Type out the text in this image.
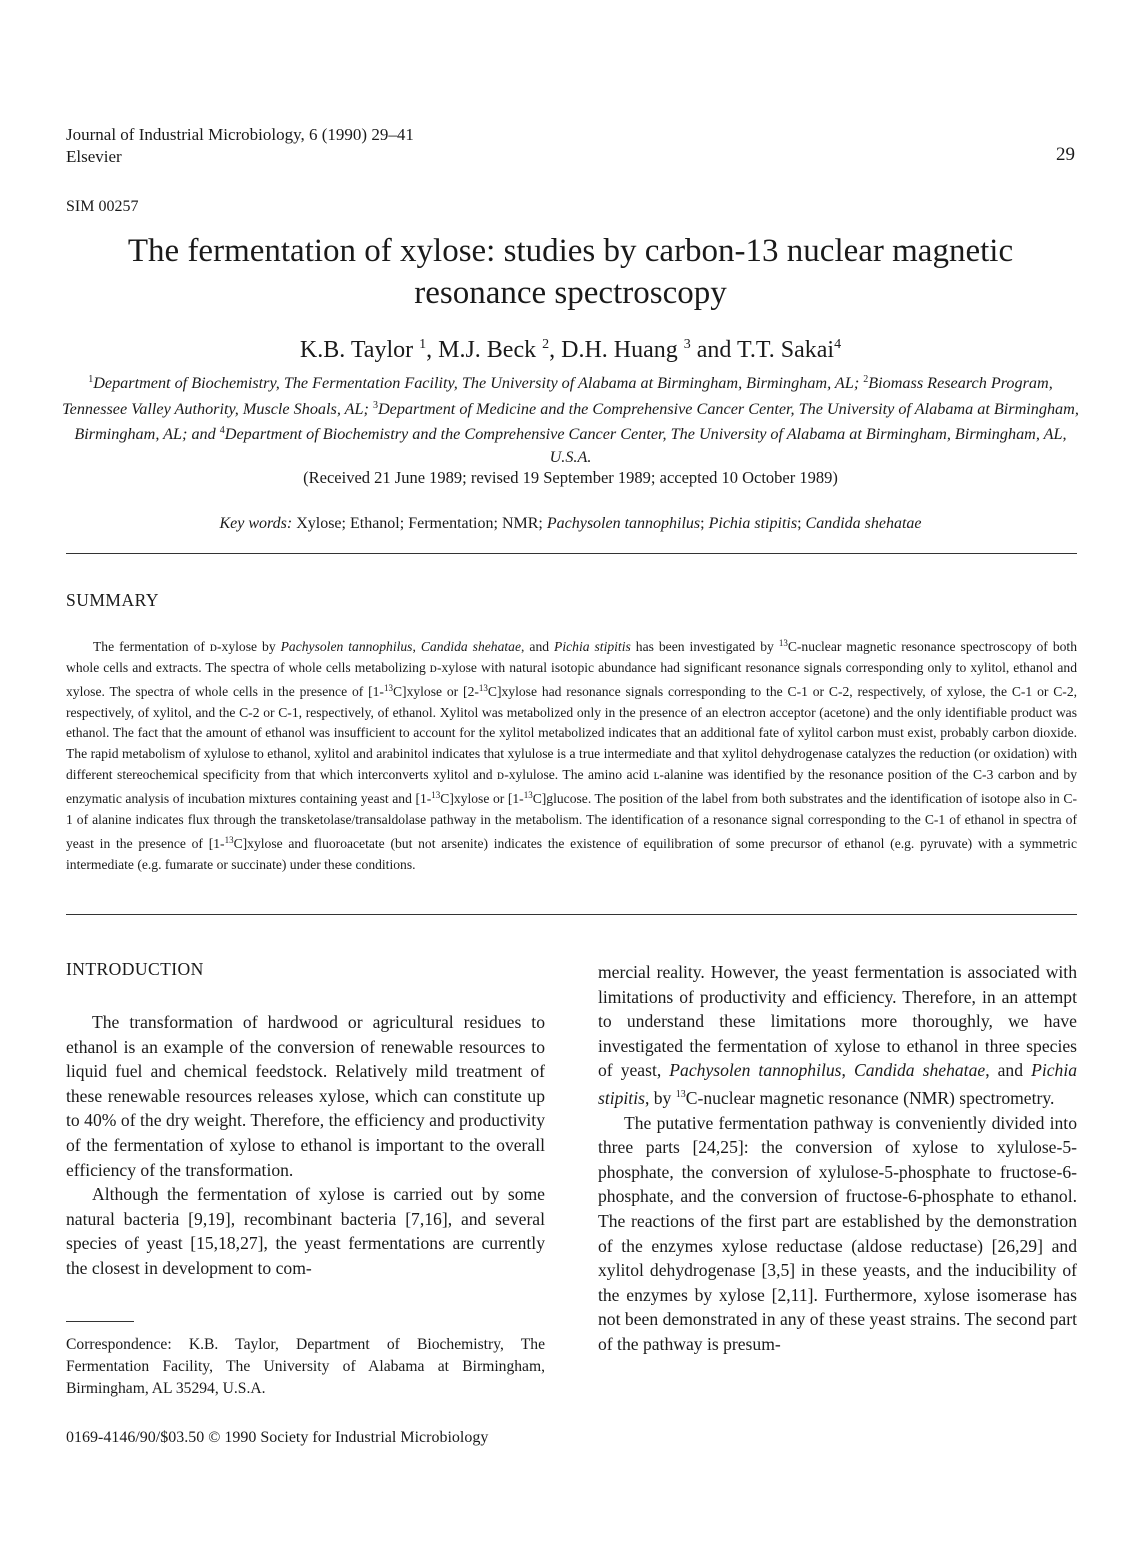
Journal of Industrial Microbiology, 6 (1990) 29–41
Elsevier	29
SIM 00257
The fermentation of xylose: studies by carbon-13 nuclear magnetic
resonance spectroscopy
K.B. Taylor $^1$, M.J. Beck $^2$, D.H. Huang $^3$ and T.T. Sakai$^4$
$^1$Department of Biochemistry, The Fermentation Facility, The University of Alabama at Birmingham, Birmingham, AL; $^2$Biomass Research Program, Tennessee Valley Authority, Muscle Shoals, AL; $^3$Department of Medicine and the Comprehensive Cancer Center, The University of Alabama at Birmingham, Birmingham, AL; and $^4$Department of Biochemistry and the Comprehensive Cancer Center, The University of Alabama at Birmingham, Birmingham, AL, U.S.A.
(Received 21 June 1989; revised 19 September 1989; accepted 10 October 1989)
Key words: Xylose; Ethanol; Fermentation; NMR; Pachysolen tannophilus; Pichia stipitis; Candida shehatae
SUMMARY
The fermentation of ᴅ-xylose by Pachysolen tannophilus, Candida shehatae, and Pichia stipitis has been investigated by $^{13}$C-nuclear magnetic resonance spectroscopy of both whole cells and extracts. The spectra of whole cells metabolizing ᴅ-xylose with natural isotopic abundance had significant resonance signals corresponding only to xylitol, ethanol and xylose. The spectra of whole cells in the presence of [1-$^{13}$C]xylose or [2-$^{13}$C]xylose had resonance signals corresponding to the C-1 or C-2, respectively, of xylose, the C-1 or C-2, respectively, of xylitol, and the C-2 or C-1, respectively, of ethanol. Xylitol was metabolized only in the presence of an electron acceptor (acetone) and the only identifiable product was ethanol. The fact that the amount of ethanol was insufficient to account for the xylitol metabolized indicates that an additional fate of xylitol carbon must exist, probably carbon dioxide. The rapid metabolism of xylulose to ethanol, xylitol and arabinitol indicates that xylulose is a true intermediate and that xylitol dehydrogenase catalyzes the reduction (or oxidation) with different stereochemical specificity from that which interconverts xylitol and ᴅ-xylulose. The amino acid ʟ-alanine was identified by the resonance position of the C-3 carbon and by enzymatic analysis of incubation mixtures containing yeast and [1-$^{13}$C]xylose or [1-$^{13}$C]glucose. The position of the label from both substrates and the identification of isotope also in C-1 of alanine indicates flux through the transketolase/transaldolase pathway in the metabolism. The identification of a resonance signal corresponding to the C-1 of ethanol in spectra of yeast in the presence of [1-$^{13}$C]xylose and fluoroacetate (but not arsenite) indicates the existence of equilibration of some precursor of ethanol (e.g. pyruvate) with a symmetric intermediate (e.g. fumarate or succinate) under these conditions.
INTRODUCTION

The transformation of hardwood or agricultural residues to ethanol is an example of the conversion of renewable resources to liquid fuel and chemical feedstock. Relatively mild treatment of these renewable resources releases xylose, which can constitute up to 40% of the dry weight. Therefore, the efficiency and productivity of the fermentation of xylose to ethanol is important to the overall efficiency of the transformation.

Although the fermentation of xylose is carried out by some natural bacteria [9,19], recombinant bacteria [7,16], and several species of yeast [15,18,27], the yeast fermentations are currently the closest in development to com-

Correspondence: K.B. Taylor, Department of Biochemistry, The Fermentation Facility, The University of Alabama at Birmingham, Birmingham, AL 35294, U.S.A.
0169-4146/90/$03.50 © 1990 Society for Industrial Microbiology

mercial reality. However, the yeast fermentation is associated with limitations of productivity and efficiency. Therefore, in an attempt to understand these limitations more thoroughly, we have investigated the fermentation of xylose to ethanol in three species of yeast, Pachysolen tannophilus, Candida shehatae, and Pichia stipitis, by $^{13}$C-nuclear magnetic resonance (NMR) spectrometry.

The putative fermentation pathway is conveniently divided into three parts [24,25]: the conversion of xylose to xylulose-5-phosphate, the conversion of xylulose-5-phosphate to fructose-6-phosphate, and the conversion of fructose-6-phosphate to ethanol. The reactions of the first part are established by the demonstration of the enzymes xylose reductase (aldose reductase) [26,29] and xylitol dehydrogenase [3,5] in these yeasts, and the inducibility of the enzymes by xylose [2,11]. Furthermore, xylose isomerase has not been demonstrated in any of these yeast strains. The second part of the pathway is presum-
